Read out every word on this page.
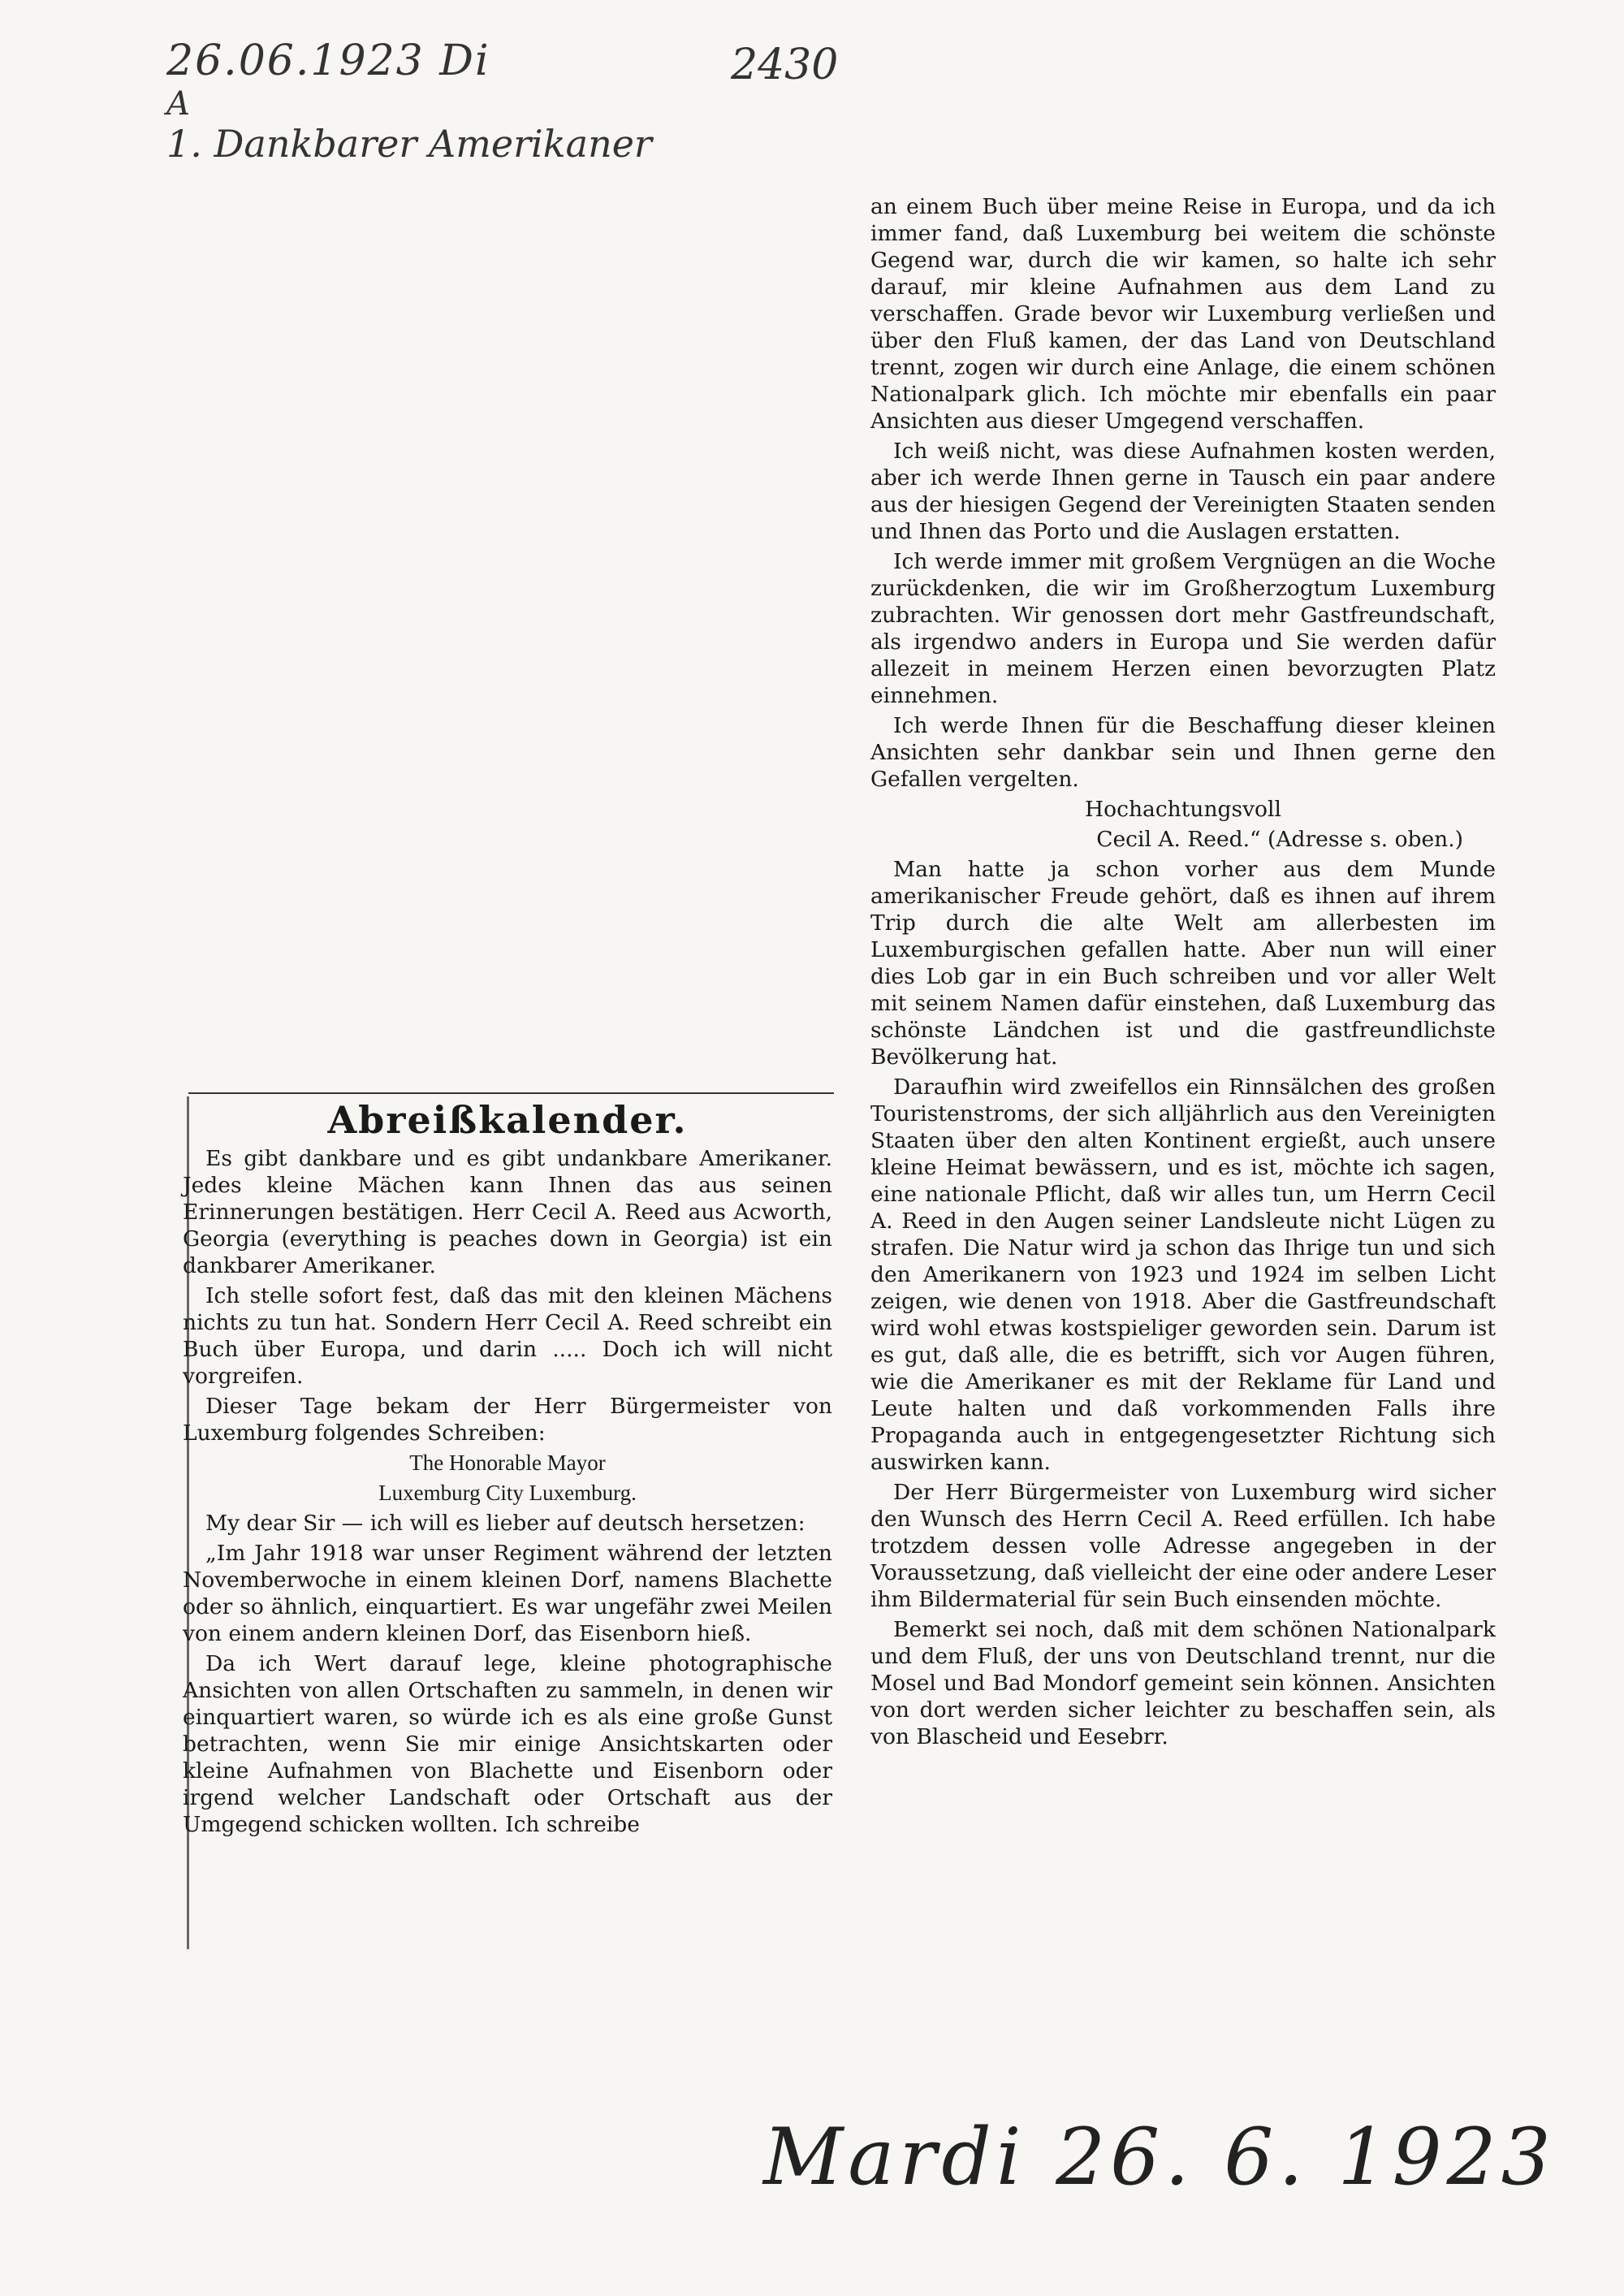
26.06.1923 Di
A
1. Dankbarer Amerikaner
2430

an einem Buch über meine Reise in Europa, und da ich immer fand, daß Luxemburg bei weitem die schönste Gegend war, durch die wir kamen, so halte ich sehr darauf, mir kleine Aufnahmen aus dem Land zu verschaffen. Grade bevor wir Luxemburg verließen und über den Fluß kamen, der das Land von Deutschland trennt, zogen wir durch eine Anlage, die einem schönen Nationalpark glich. Ich möchte mir ebenfalls ein paar Ansichten aus dieser Umgegend verschaffen.

Ich weiß nicht, was diese Aufnahmen kosten werden, aber ich werde Ihnen gerne in Tausch ein paar andere aus der hiesigen Gegend der Vereinigten Staaten senden und Ihnen das Porto und die Auslagen erstatten.

Ich werde immer mit großem Vergnügen an die Woche zurückdenken, die wir im Großherzogtum Luxemburg zubrachten. Wir genossen dort mehr Gastfreundschaft, als irgendwo anders in Europa und Sie werden dafür allezeit in meinem Herzen einen bevorzugten Platz einnehmen.

Ich werde Ihnen für die Beschaffung dieser kleinen Ansichten sehr dankbar sein und Ihnen gerne den Gefallen vergelten.

Hochachtungsvoll

Cecil A. Reed.“ (Adresse s. oben.)

Man hatte ja schon vorher aus dem Munde amerikanischer Freude gehört, daß es ihnen auf ihrem Trip durch die alte Welt am allerbesten im Luxemburgischen gefallen hatte. Aber nun will einer dies Lob gar in ein Buch schreiben und vor aller Welt mit seinem Namen dafür einstehen, daß Luxemburg das schönste Ländchen ist und die gastfreundlichste Bevölkerung hat.

Daraufhin wird zweifellos ein Rinnsälchen des großen Touristenstroms, der sich alljährlich aus den Vereinigten Staaten über den alten Kontinent ergießt, auch unsere kleine Heimat bewässern, und es ist, möchte ich sagen, eine nationale Pflicht, daß wir alles tun, um Herrn Cecil A. Reed in den Augen seiner Landsleute nicht Lügen zu strafen. Die Natur wird ja schon das Ihrige tun und sich den Amerikanern von 1923 und 1924 im selben Licht zeigen, wie denen von 1918. Aber die Gastfreundschaft wird wohl etwas kostspieliger geworden sein. Darum ist es gut, daß alle, die es betrifft, sich vor Augen führen, wie die Amerikaner es mit der Reklame für Land und Leute halten und daß vorkommenden Falls ihre Propaganda auch in entgegengesetzter Richtung sich auswirken kann.

Der Herr Bürgermeister von Luxemburg wird sicher den Wunsch des Herrn Cecil A. Reed erfüllen. Ich habe trotzdem dessen volle Adresse angegeben in der Voraussetzung, daß vielleicht der eine oder andere Leser ihm Bildermaterial für sein Buch einsenden möchte.

Bemerkt sei noch, daß mit dem schönen Nationalpark und dem Fluß, der uns von Deutschland trennt, nur die Mosel und Bad Mondorf gemeint sein können. Ansichten von dort werden sicher leichter zu beschaffen sein, als von Blascheid und Eesebrr.

Abreißkalender.

Es gibt dankbare und es gibt undankbare Amerikaner. Jedes kleine Mächen kann Ihnen das aus seinen Erinnerungen bestätigen. Herr Cecil A. Reed aus Acworth, Georgia (everything is peaches down in Georgia) ist ein dankbarer Amerikaner.

Ich stelle sofort fest, daß das mit den kleinen Mächens nichts zu tun hat. Sondern Herr Cecil A. Reed schreibt ein Buch über Europa, und darin ..... Doch ich will nicht vorgreifen.

Dieser Tage bekam der Herr Bürgermeister von Luxemburg folgendes Schreiben:

The Honorable Mayor

Luxemburg City Luxemburg.

My dear Sir — ich will es lieber auf deutsch hersetzen:

„Im Jahr 1918 war unser Regiment während der letzten Novemberwoche in einem kleinen Dorf, namens Blachette oder so ähnlich, einquartiert. Es war ungefähr zwei Meilen von einem andern kleinen Dorf, das Eisenborn hieß.

Da ich Wert darauf lege, kleine photographische Ansichten von allen Ortschaften zu sammeln, in denen wir einquartiert waren, so würde ich es als eine große Gunst betrachten, wenn Sie mir einige Ansichtskarten oder kleine Aufnahmen von Blachette und Eisenborn oder irgend welcher Landschaft oder Ortschaft aus der Umgegend schicken wollten. Ich schreibe

Mardi 26. 6. 1923
